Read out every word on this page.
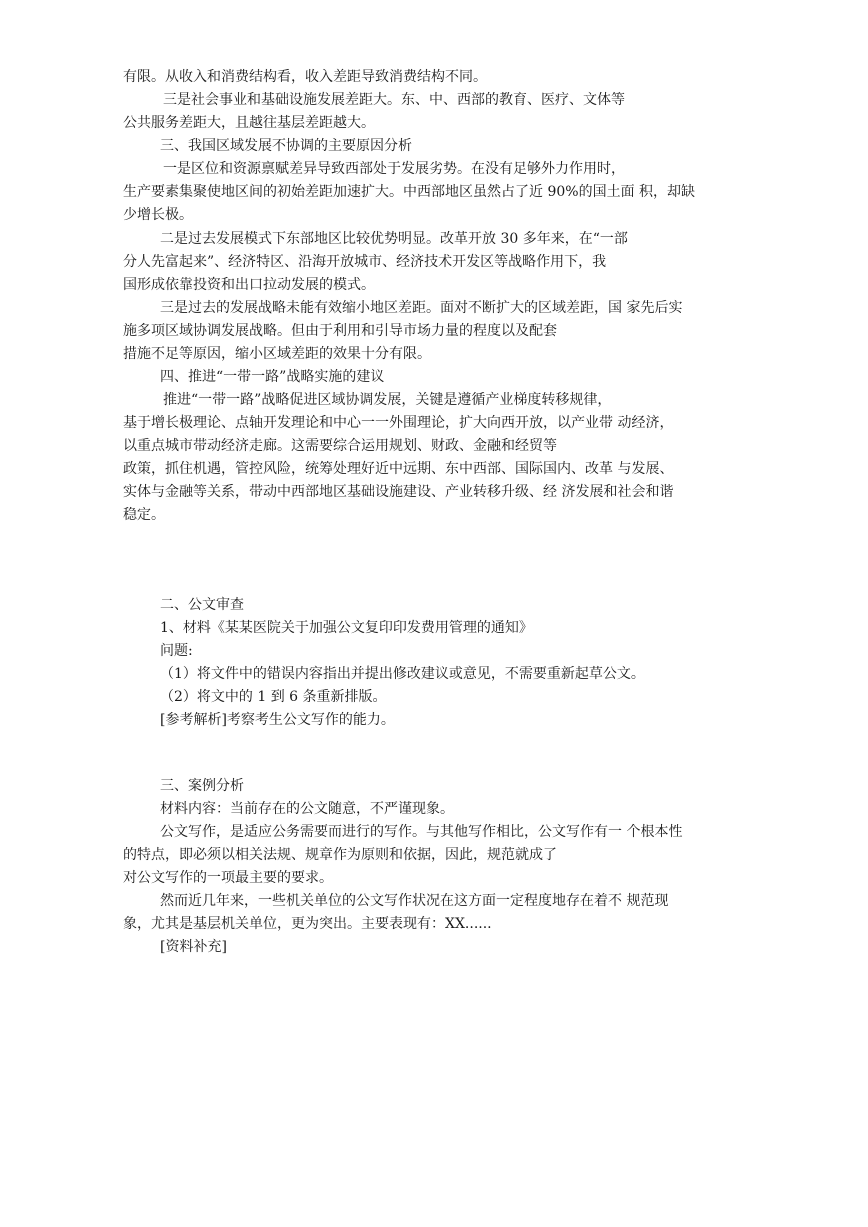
有限。从收入和消费结构看，收入差距导致消费结构不同。
三是社会事业和基础设施发展差距大。东、中、西部的教育、医疗、文体等
公共服务差距大，且越往基层差距越大。
三、我国区域发展不协调的主要原因分析
一是区位和资源禀赋差异导致西部处于发展劣势。在没有足够外力作用时，
生产要素集聚使地区间的初始差距加速扩大。中西部地区虽然占了近 90%的国土面 积，却缺
少增长极。
二是过去发展模式下东部地区比较优势明显。改革开放 30 多年来，在“一部
分人先富起来”、经济特区、沿海开放城市、经济技术开发区等战略作用下，我
国形成依靠投资和出口拉动发展的模式。
三是过去的发展战略未能有效缩小地区差距。面对不断扩大的区域差距，国 家先后实
施多项区域协调发展战略。但由于利用和引导市场力量的程度以及配套
措施不足等原因，缩小区域差距的效果十分有限。
四、推进“一带一路”战略实施的建议
推进“一带一路”战略促进区域协调发展，关键是遵循产业梯度转移规律，
基于增长极理论、点轴开发理论和中心一一外围理论，扩大向西开放，以产业带 动经济，
以重点城市带动经济走廊。这需要综合运用规划、财政、金融和经贸等
政策，抓住机遇，管控风险，统筹处理好近中远期、东中西部、国际国内、改革 与发展、
实体与金融等关系，带动中西部地区基础设施建设、产业转移升级、经 济发展和社会和谐
稳定。
二、公文审查
1、材料《某某医院关于加强公文复印印发费用管理的通知》
问题:
（1）将文件中的错误内容指出并提出修改建议或意见，不需要重新起草公文。
（2）将文中的 1 到 6 条重新排版。
[参考解析]考察考生公文写作的能力。
三、案例分析
材料内容：当前存在的公文随意，不严谨现象。
公文写作，是适应公务需要而进行的写作。与其他写作相比，公文写作有一 个根本性
的特点，即必须以相关法规、规章作为原则和依据，因此，规范就成了
对公文写作的一项最主要的要求。
然而近几年来，一些机关单位的公文写作状况在这方面一定程度地存在着不 规范现
象，尤其是基层机关单位，更为突出。主要表现有：XX......
[资料补充]
